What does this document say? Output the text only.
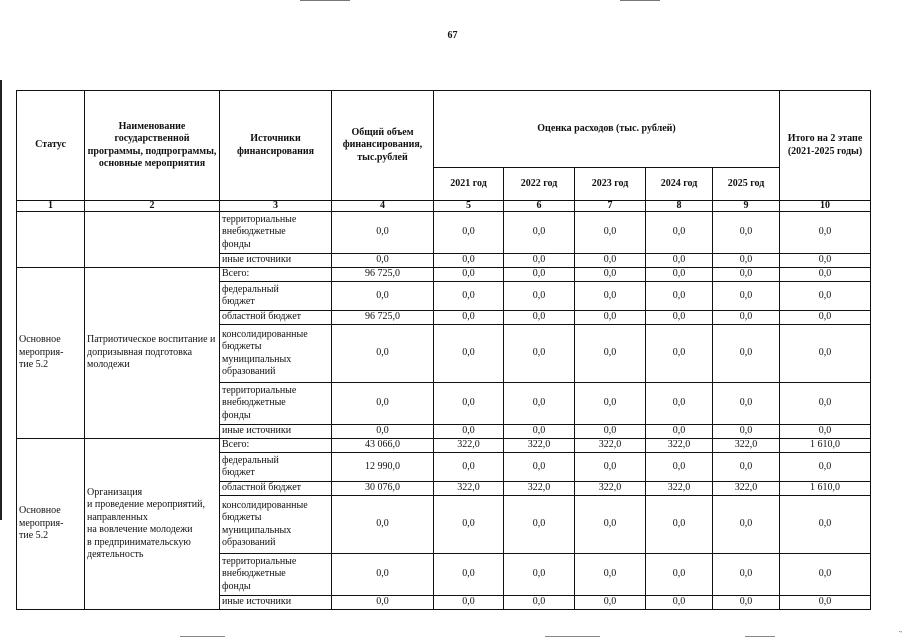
67
.,
Статус	Наименование государственной программы, подпрограммы, основные мероприятия	Источники финансирования	Общий объем финансирования, тыс.рублей	Оценка расходов (тыс. рублей)					Итого на 2 этапе (2021-2025 годы)
				2021 год	2022 год	2023 год	2024 год	2025 год	
1	2	3	4	5	6	7	8	9	10
		территориальные
внебюджетные
фонды	0,0	0,0	0,0	0,0	0,0	0,0	0,0
		иные источники	0,0	0,0	0,0	0,0	0,0	0,0	0,0
Основное
мероприя-
тие 5.2	Патриотическое воспитание и допризывная подготовка молодежи	Всего:	96 725,0	0,0	0,0	0,0	0,0	0,0	0,0
		федеральный
бюджет	0,0	0,0	0,0	0,0	0,0	0,0	0,0
		областной бюджет	96 725,0	0,0	0,0	0,0	0,0	0,0	0,0
		консолидированные
бюджеты
муниципальных
образований	0,0	0,0	0,0	0,0	0,0	0,0	0,0
		территориальные
внебюджетные
фонды	0,0	0,0	0,0	0,0	0,0	0,0	0,0
		иные источники	0,0	0,0	0,0	0,0	0,0	0,0	0,0
Основное
мероприя-
тие 5.2	Организация
и проведение мероприятий, направленных
на вовлечение молодежи
в предпринимательскую
деятельность	Всего:	43 066,0	322,0	322,0	322,0	322,0	322,0	1 610,0
		федеральный
бюджет	12 990,0	0,0	0,0	0,0	0,0	0,0	0,0
		областной бюджет	30 076,0	322,0	322,0	322,0	322,0	322,0	1 610,0
		консолидированные
бюджеты
муниципальных
образований	0,0	0,0	0,0	0,0	0,0	0,0	0,0
		территориальные
внебюджетные
фонды	0,0	0,0	0,0	0,0	0,0	0,0	0,0
		иные источники	0,0	0,0	0,0	0,0	0,0	0,0	0,0
